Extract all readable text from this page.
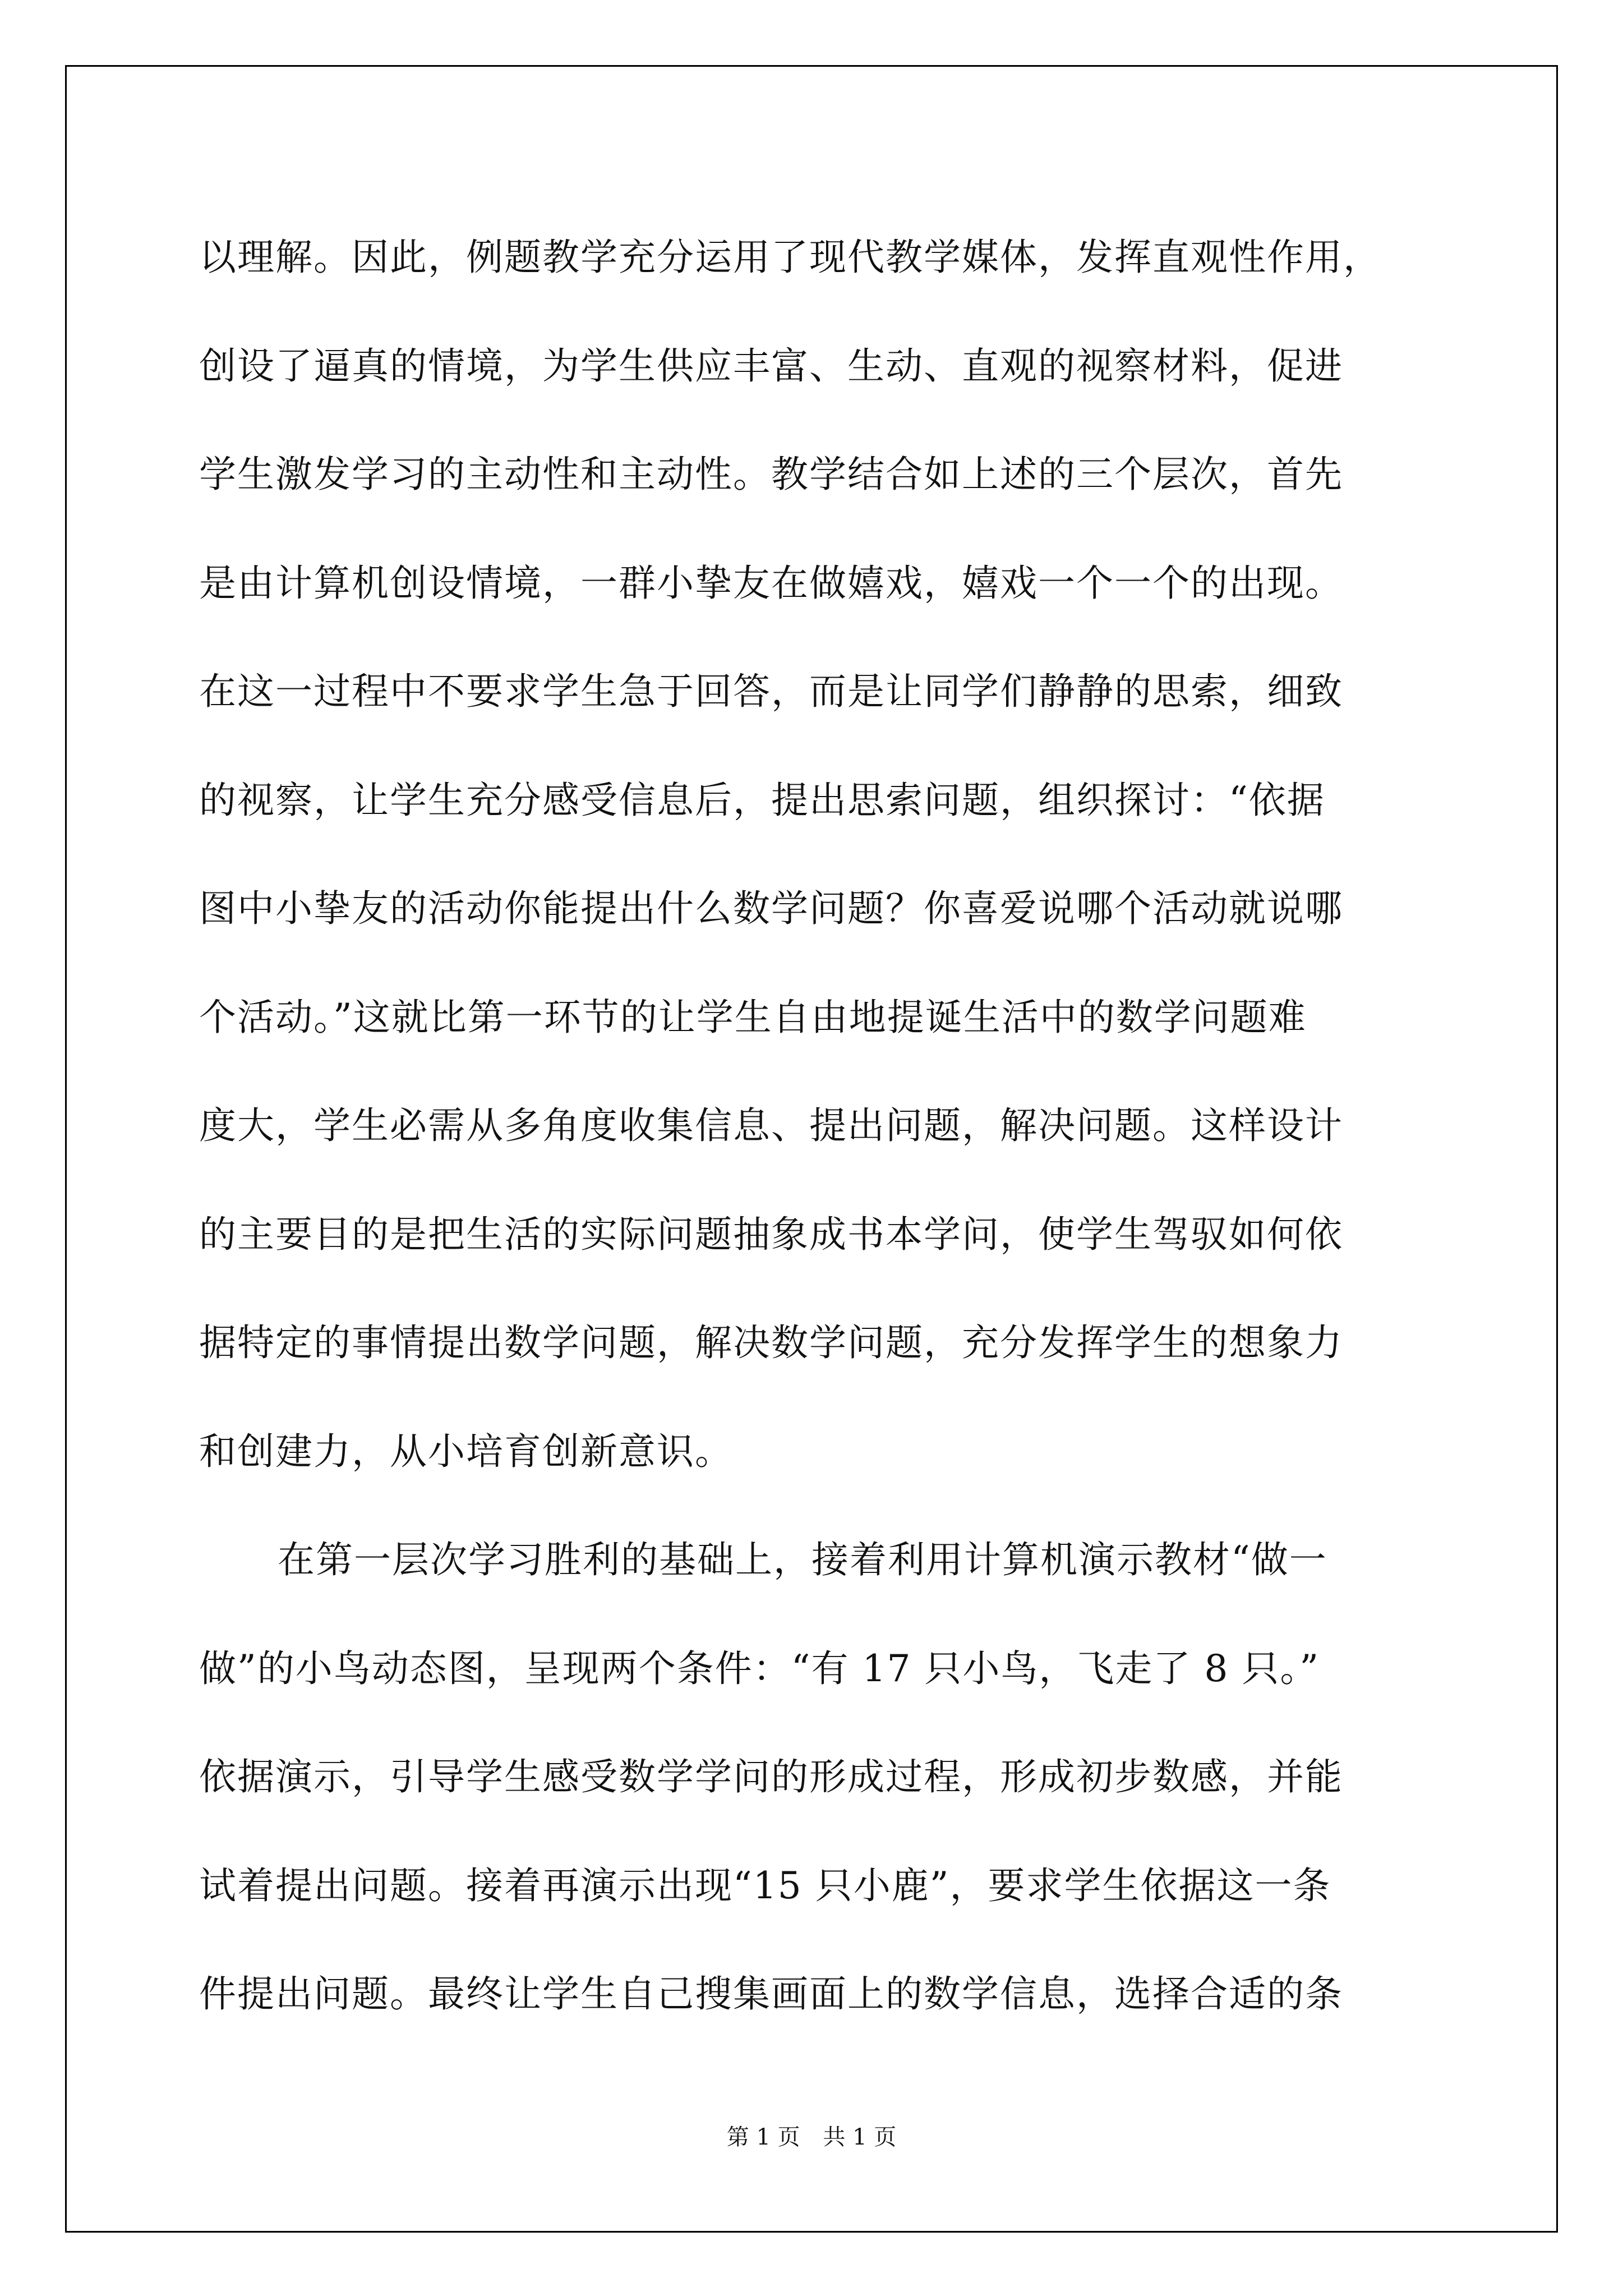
以理解。因此，例题教学充分运用了现代教学媒体，发挥直观性作用，
创设了逼真的情境，为学生供应丰富、生动、直观的视察材料，促进
学生激发学习的主动性和主动性。教学结合如上述的三个层次，首先
是由计算机创设情境，一群小挚友在做嬉戏，嬉戏一个一个的出现。
在这一过程中不要求学生急于回答，而是让同学们静静的思索，细致
的视察，让学生充分感受信息后，提出思索问题，组织探讨：“依据
图中小挚友的活动你能提出什么数学问题？你喜爱说哪个活动就说哪
个活动。”这就比第一环节的让学生自由地提诞生活中的数学问题难
度大，学生必需从多角度收集信息、提出问题，解决问题。这样设计
的主要目的是把生活的实际问题抽象成书本学问，使学生驾驭如何依
据特定的事情提出数学问题，解决数学问题，充分发挥学生的想象力
和创建力，从小培育创新意识。
在第一层次学习胜利的基础上，接着利用计算机演示教材“做一
做”的小鸟动态图，呈现两个条件：“有 17 只小鸟，飞走了 8 只。”
依据演示，引导学生感受数学学问的形成过程，形成初步数感，并能
试着提出问题。接着再演示出现“15 只小鹿”，要求学生依据这一条
件提出问题。最终让学生自己搜集画面上的数学信息，选择合适的条
第 1 页 共 1 页
